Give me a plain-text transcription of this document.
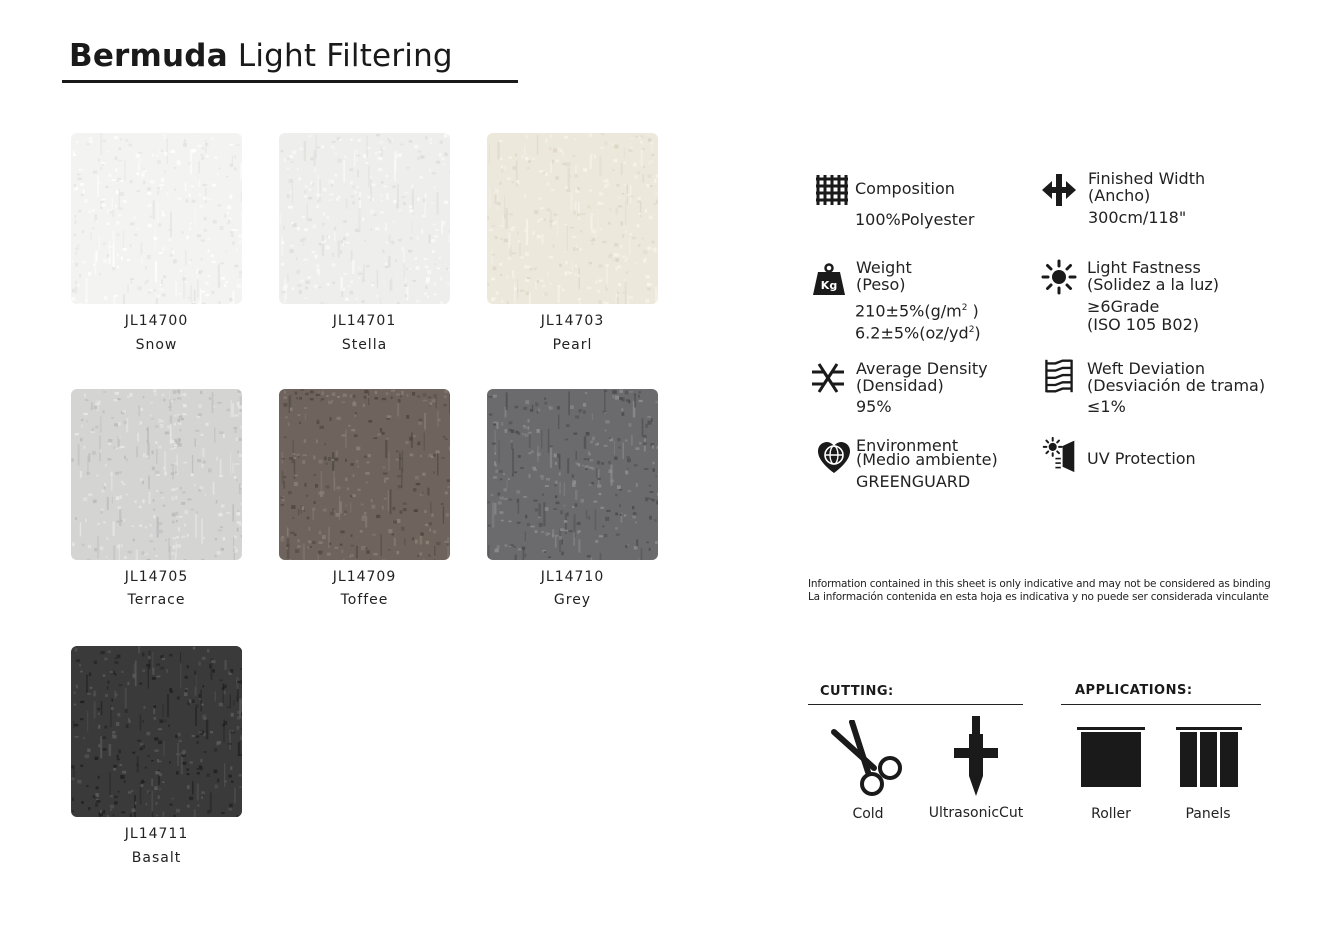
Bermuda Light Filtering
JL14700
Snow
JL14701
Stella
JL14703
Pearl
JL14705
Terrace
JL14709
Toffee
JL14710
Grey
JL14711
Basalt
Composition
100%Polyester
Finished Width
(Ancho)
300cm/118"
Kg
Weight
(Peso)
$210\pm 5\%(g/m^2$ )
$6.2\pm 5\%(oz/yd^2)$
Light Fastness
(Solidez a la luz)
≥6Grade
(ISO 105 B02)
Average Density
(Densidad)
95%
Weft Deviation
(Desviación de trama)
≤1%
Environment
(Medio ambiente)
GREENGUARD
UV Protection
Information contained in this sheet is only indicative and may not be considered as binding
La información contenida en esta hoja es indicativa y no puede ser considerada vinculante
CUTTING:
Cold	UltrasonicCut
APPLICATIONS:
Roller	Panels
